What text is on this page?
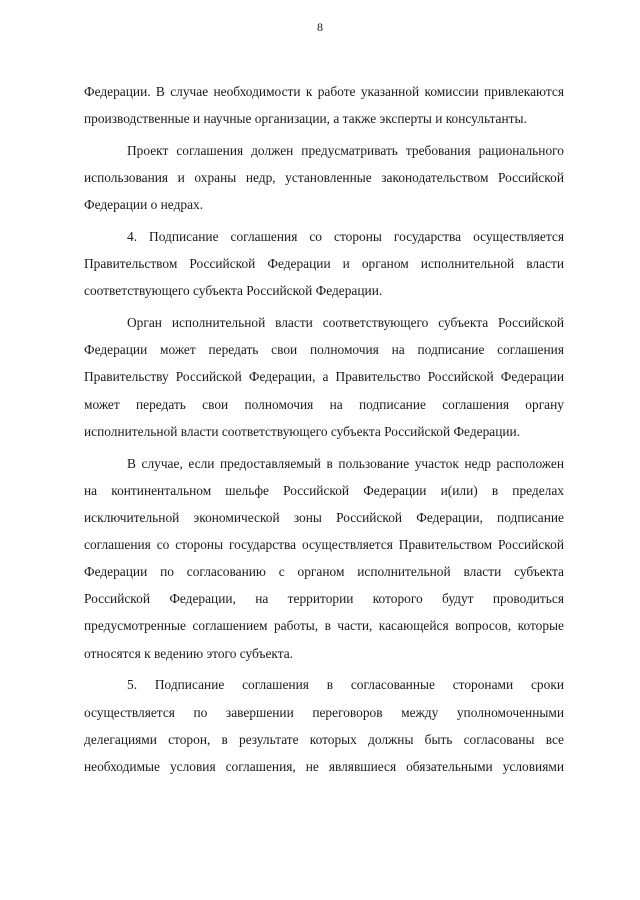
8
Федерации. В случае необходимости к работе указанной комиссии привлекаются
производственные и научные организации, а также эксперты и консультанты.
Проект соглашения должен предусматривать требования рационального
использования и охраны недр, установленные законодательством Российской
Федерации о недрах.
4. Подписание соглашения со стороны государства осуществляется
Правительством Российской Федерации и органом исполнительной власти
соответствующего субъекта Российской Федерации.
Орган исполнительной власти соответствующего субъекта Российской
Федерации может передать свои полномочия на подписание соглашения
Правительству Российской Федерации, а Правительство Российской Федерации
может передать свои полномочия на подписание соглашения органу
исполнительной власти соответствующего субъекта Российской Федерации.
В случае, если предоставляемый в пользование участок недр расположен
на континентальном шельфе Российской Федерации и(или) в пределах
исключительной экономической зоны Российской Федерации, подписание
соглашения со стороны государства осуществляется Правительством Российской
Федерации по согласованию с органом исполнительной власти субъекта
Российской Федерации, на территории которого будут проводиться
предусмотренные соглашением работы, в части, касающейся вопросов, которые
относятся к ведению этого субъекта.
5. Подписание соглашения в согласованные сторонами сроки
осуществляется по завершении переговоров между уполномоченными
делегациями сторон, в результате которых должны быть согласованы все
необходимые условия соглашения, не являвшиеся обязательными условиями
